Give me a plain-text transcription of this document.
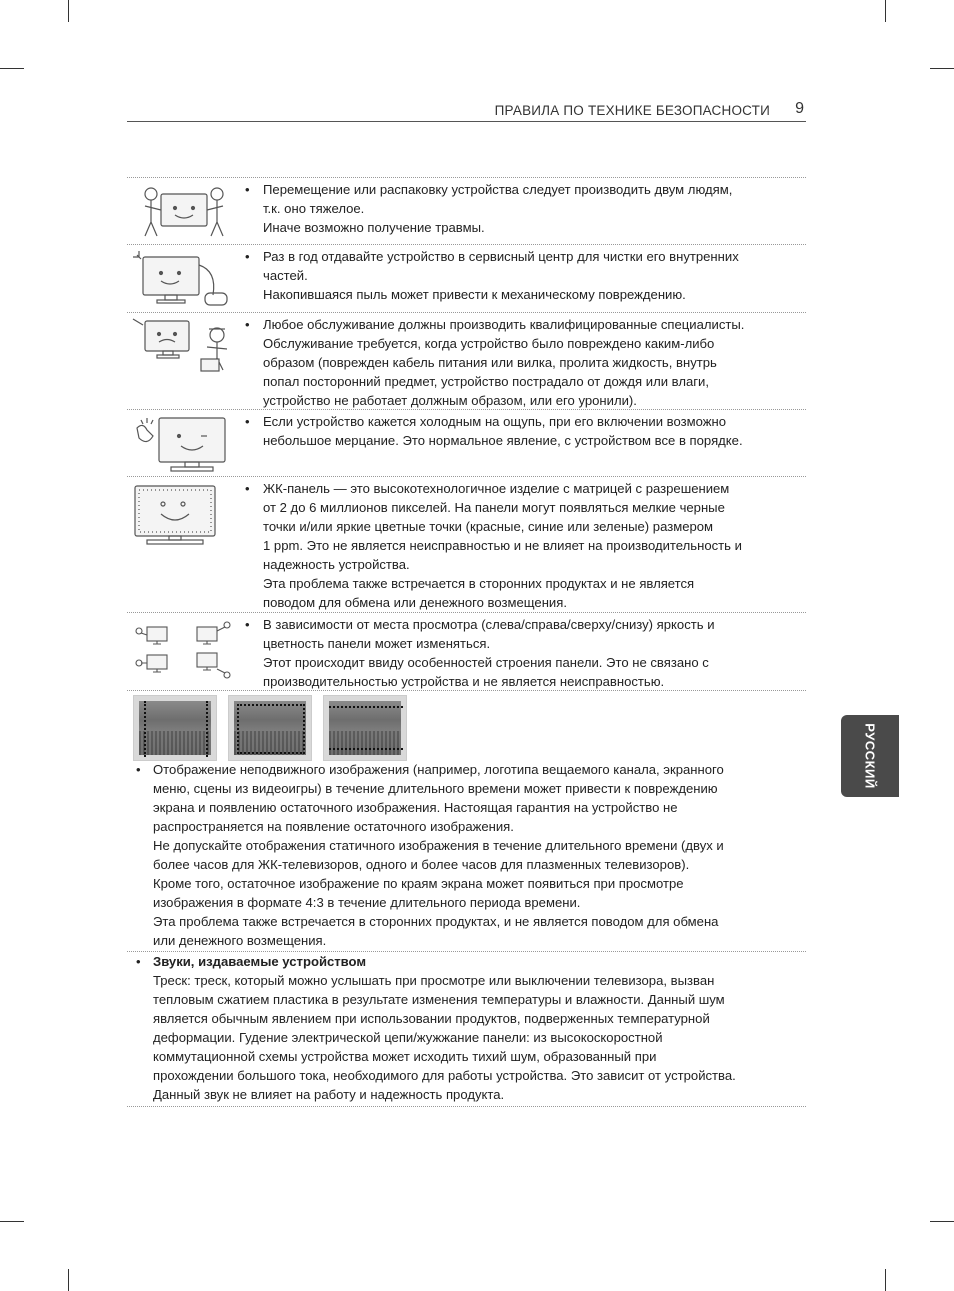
ПРАВИЛА ПО ТЕХНИКЕ БЕЗОПАСНОСТИ 9
РУССКИЙ
• Перемещение или распаковку устройства следует производить двум людям,
т.к. оно тяжелое.
Иначе возможно получение травмы.
• Раз в год отдавайте устройство в сервисный центр для чистки его внутренних
частей.
Накопившаяся пыль может привести к механическому повреждению.
• Любое обслуживание должны производить квалифицированные специалисты.
Обслуживание требуется, когда устройство было повреждено каким-либо
образом (поврежден кабель питания или вилка, пролита жидкость, внутрь
попал посторонний предмет, устройство пострадало от дождя или влаги,
устройство не работает должным образом, или его уронили).
• Если устройство кажется холодным на ощупь, при его включении возможно
небольшое мерцание. Это нормальное явление, с устройством все в порядке.
• ЖК-панель — это высокотехнологичное изделие с матрицей с разрешением
от 2 до 6 миллионов пикселей. На панели могут появляться мелкие черные
точки и/или яркие цветные точки (красные, синие или зеленые) размером
1 ppm. Это не является неисправностью и не влияет на производительность и
надежность устройства.
Эта проблема также встречается в сторонних продуктах и не является
поводом для обмена или денежного возмещения.
• В зависимости от места просмотра (слева/справа/сверху/снизу) яркость и
цветность панели может изменяться.
Этот происходит ввиду особенностей строения панели. Это не связано с
производительностью устройства и не является неисправностью.
• Отображение неподвижного изображения (например, логотипа вещаемого канала, экранного
меню, сцены из видеоигры) в течение длительного времени может привести к повреждению
экрана и появлению остаточного изображения. Настоящая гарантия на устройство не
распространяется на появление остаточного изображения.
Не допускайте отображения статичного изображения в течение длительного времени (двух и
более часов для ЖК-телевизоров, одного и более часов для плазменных телевизоров).
Кроме того, остаточное изображение по краям экрана может появиться при просмотре
изображения в формате 4:3 в течение длительного периода времени.
Эта проблема также встречается в сторонних продуктах, и не является поводом для обмена
или денежного возмещения.
• Звуки, издаваемые устройством
Треск: треск, который можно услышать при просмотре или выключении телевизора, вызван
тепловым сжатием пластика в результате изменения температуры и влажности. Данный шум
является обычным явлением при использовании продуктов, подверженных температурной
деформации. Гудение электрической цепи/жужжание панели: из высокоскоростной
коммутационной схемы устройства может исходить тихий шум, образованный при
прохождении большого тока, необходимого для работы устройства. Это зависит от устройства.
Данный звук не влияет на работу и надежность продукта.
